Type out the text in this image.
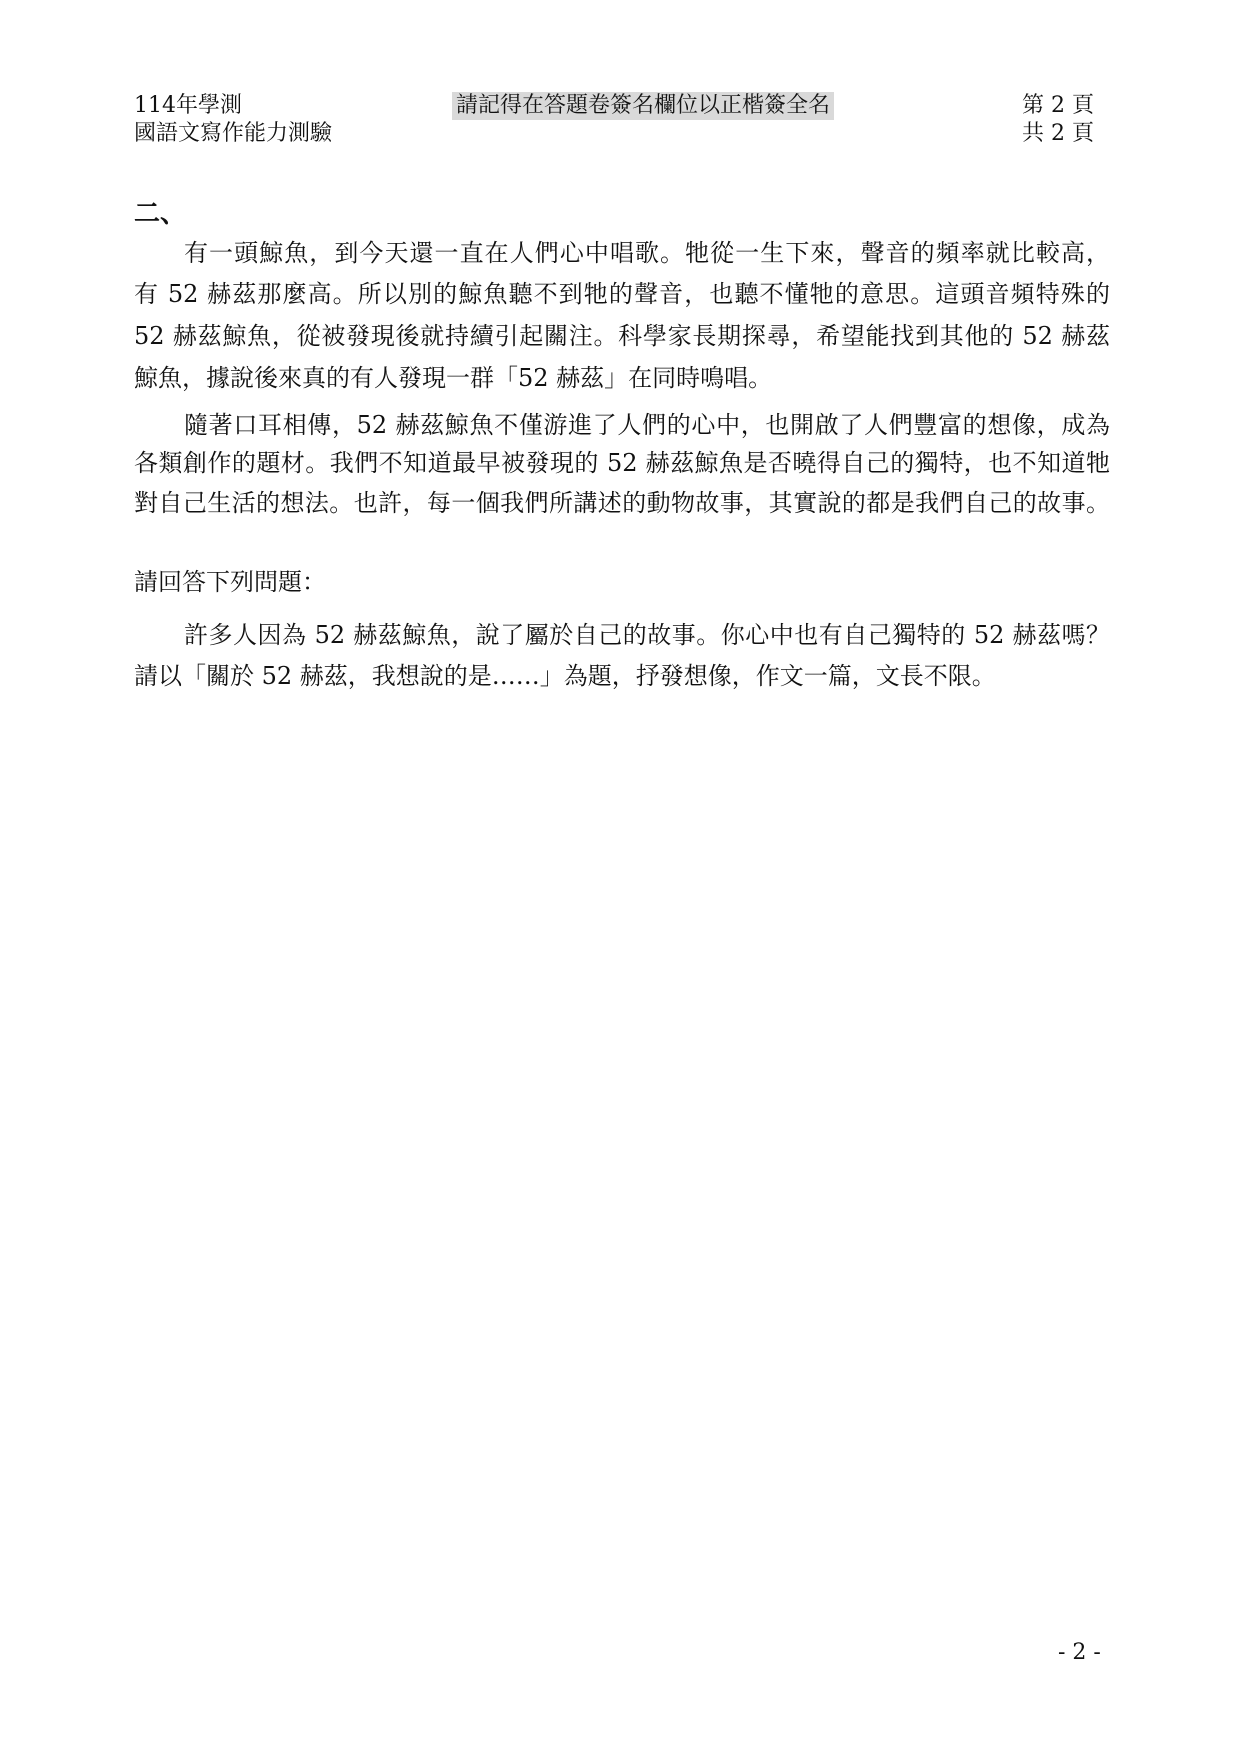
114年學測
國語文寫作能力測驗
請記得在答題卷簽名欄位以正楷簽全名	第 2 頁
共 2 頁
二、
有一頭鯨魚，到今天還一直在人們心中唱歌。牠從一生下來，聲音的頻率就比較高，
有 52 赫茲那麼高。所以別的鯨魚聽不到牠的聲音，也聽不懂牠的意思。這頭音頻特殊的
52 赫茲鯨魚，從被發現後就持續引起關注。科學家長期探尋，希望能找到其他的 52 赫茲
鯨魚，據說後來真的有人發現一群「52 赫茲」在同時鳴唱。
隨著口耳相傳，52 赫茲鯨魚不僅游進了人們的心中，也開啟了人們豐富的想像，成為
各類創作的題材。我們不知道最早被發現的 52 赫茲鯨魚是否曉得自己的獨特，也不知道牠
對自己生活的想法。也許，每一個我們所講述的動物故事，其實說的都是我們自己的故事。
請回答下列問題：
許多人因為 52 赫茲鯨魚，說了屬於自己的故事。你心中也有自己獨特的 52 赫茲嗎？
請以「關於 52 赫茲，我想說的是……」為題，抒發想像，作文一篇，文長不限。
- 2 -
